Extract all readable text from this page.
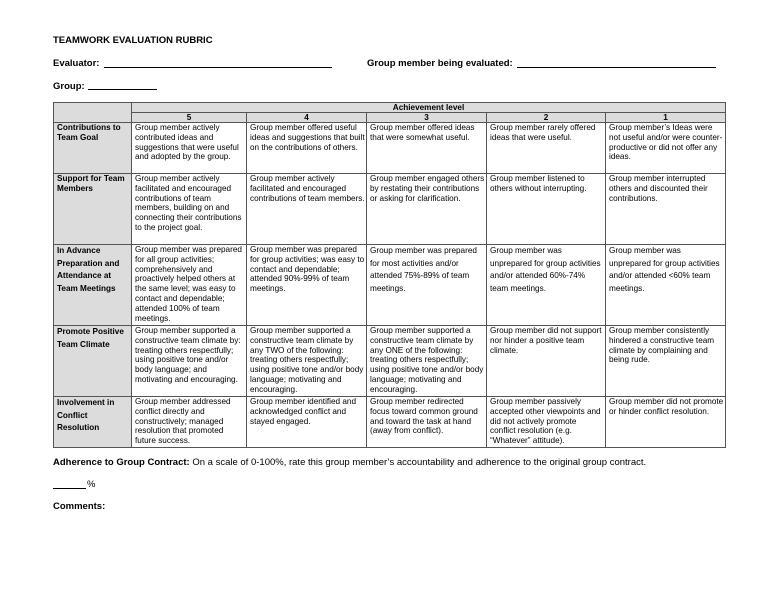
TEAMWORK EVALUATION RUBRIC
Evaluator:	Group member being evaluated:
Group:
	Achievement level				
	5	4	3	2	1
Contributions to Team Goal	Group member actively contributed ideas and suggestions that were useful and adopted by the group.	Group member offered useful ideas and suggestions that built on the contributions of others.	Group member offered ideas that were somewhat useful.	Group member rarely offered ideas that were useful.	Group member’s Ideas were not useful and/or were counter-productive or did not offer any ideas.
Support for Team Members	Group member actively facilitated and encouraged contributions of team members, building on and connecting their contributions to the project goal.	Group member actively facilitated and encouraged contributions of team members.	Group member engaged others by restating their contributions or asking for clarification.	Group member listened to others without interrupting.	Group member interrupted others and discounted their contributions.
In Advance Preparation and Attendance at Team Meetings	Group member was prepared for all group activities; comprehensively and proactively helped others at the same level; was easy to contact and dependable; attended 100% of team meetings.	Group member was prepared for group activities; was easy to contact and dependable; attended 90%-99% of team meetings.	Group member was prepared for most activities and/or attended 75%-89% of team meetings.	Group member was unprepared for group activities and/or attended 60%-74% team meetings.	Group member was unprepared for group activities and/or attended <60% team meetings.
Promote Positive Team Climate	Group member supported a constructive team climate by: treating others respectfully; using positive tone and/or body language; and motivating and encouraging.	Group member supported a constructive team climate by any TWO of the following: treating others respectfully; using positive tone and/or body language; motivating and encouraging.	Group member supported a constructive team climate by any ONE of the following: treating others respectfully; using positive tone and/or body language; motivating and encouraging.	Group member did not support nor hinder a positive team climate.	Group member consistently hindered a constructive team climate by complaining and being rude.
Involvement in Conflict Resolution	Group member addressed conflict directly and constructively; managed resolution that promoted future success.	Group member identified and acknowledged conflict and stayed engaged.	Group member redirected focus toward common ground and toward the task at hand (away from conflict).	Group member passively accepted other viewpoints and did not actively promote conflict resolution (e.g. “Whatever” attitude).	Group member did not promote or hinder conflict resolution.
Adherence to Group Contract: On a scale of 0-100%, rate this group member’s accountability and adherence to the original group contract.
%
Comments:
